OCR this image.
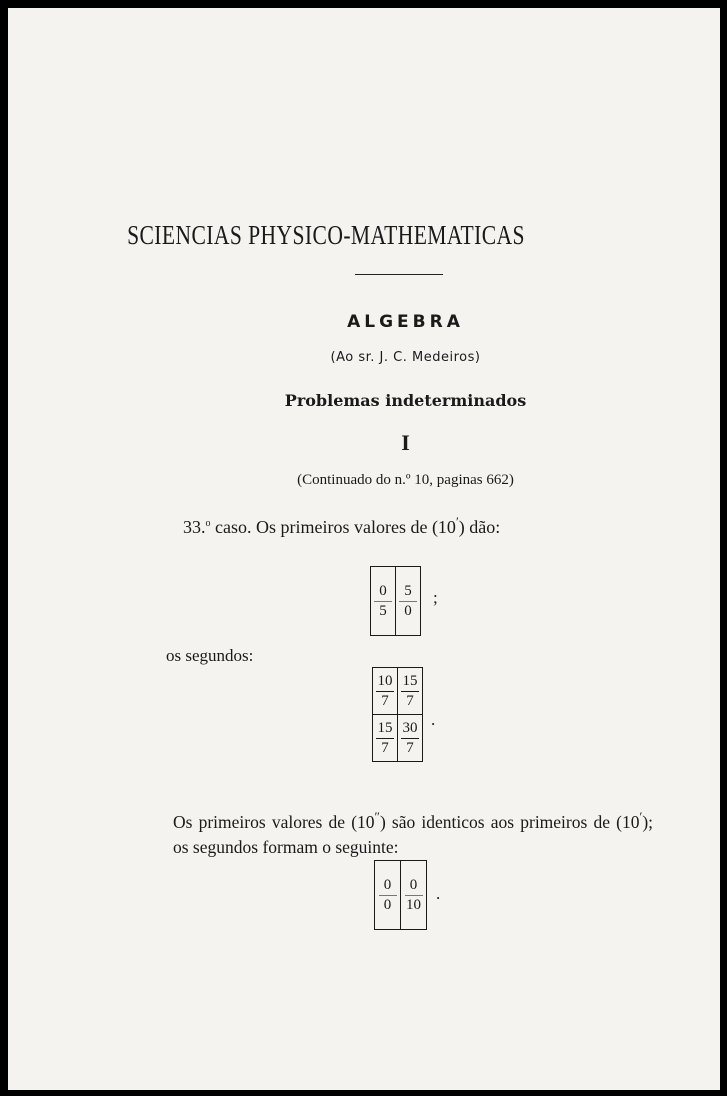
SCIENCIAS PHYSICO-MATHEMATICAS
ALGEBRA
(Ao sr. J. C. Medeiros)
Problemas indeterminados
I
(Continuado do n.º 10, paginas 662)
33.$^o$ caso. Os primeiros valores de (10′) dão:
$\frac{0}{5}$	$\frac{5}{0}$ ;
os segundos:
$\frac{10}{7}$	$\frac{15}{7}$

$\frac{15}{7}$	$\frac{30}{7}$ .
Os primeiros valores de (10″) são identicos aos primeiros de (10′); os segundos formam o seguinte:
$\frac{0}{0}$	$\frac{0}{10}$ .
